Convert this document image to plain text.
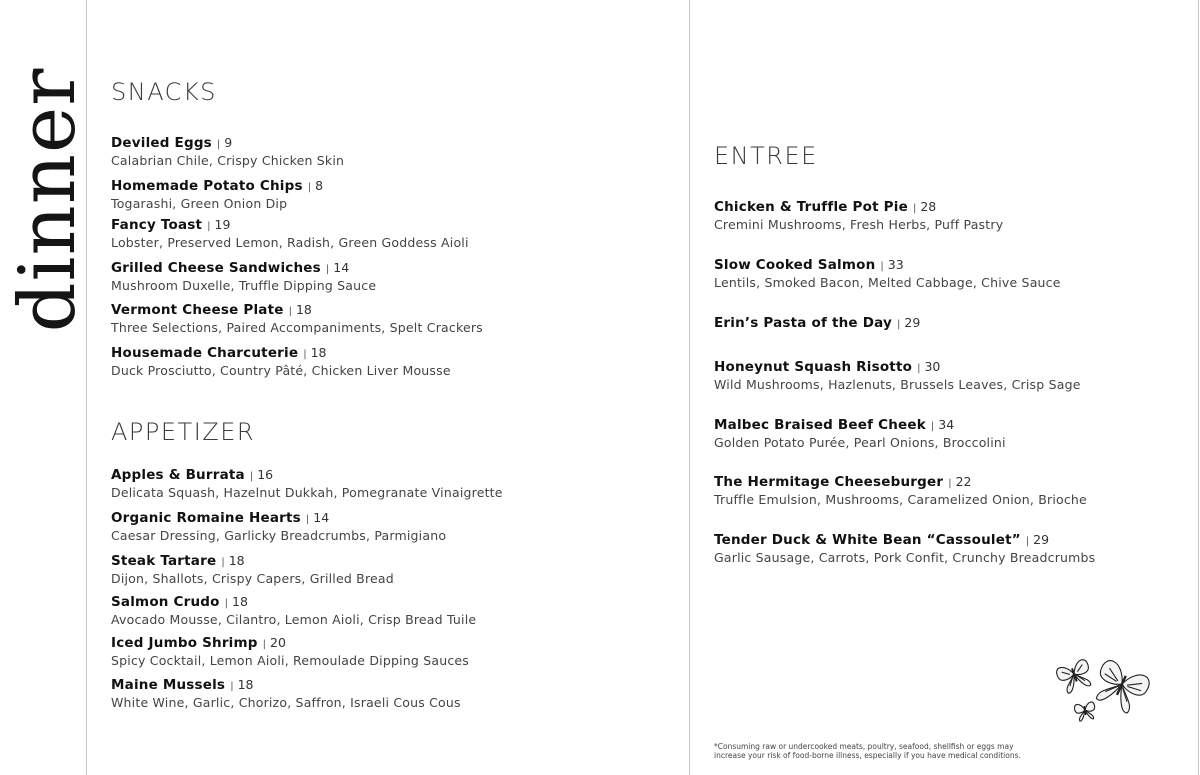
dinner SNACKS
Deviled Eggs | 9
Calabrian Chile, Crispy Chicken Skin
Homemade Potato Chips | 8
Togarashi, Green Onion Dip
Fancy Toast | 19
Lobster, Preserved Lemon, Radish, Green Goddess Aioli
Grilled Cheese Sandwiches | 14
Mushroom Duxelle, Truffle Dipping Sauce
Vermont Cheese Plate | 18
Three Selections, Paired Accompaniments, Spelt Crackers
Housemade Charcuterie | 18
Duck Prosciutto, Country Pâté, Chicken Liver Mousse
APPETIZER
Apples & Burrata | 16
Delicata Squash, Hazelnut Dukkah, Pomegranate Vinaigrette
Organic Romaine Hearts | 14
Caesar Dressing, Garlicky Breadcrumbs, Parmigiano
Steak Tartare | 18
Dijon, Shallots, Crispy Capers, Grilled Bread
Salmon Crudo | 18
Avocado Mousse, Cilantro, Lemon Aioli, Crisp Bread Tuile
Iced Jumbo Shrimp | 20
Spicy Cocktail, Lemon Aioli, Remoulade Dipping Sauces
Maine Mussels | 18
White Wine, Garlic, Chorizo, Saffron, Israeli Cous Cous
ENTREE
Chicken & Truffle Pot Pie | 28
Cremini Mushrooms, Fresh Herbs, Puff Pastry
Slow Cooked Salmon | 33
Lentils, Smoked Bacon, Melted Cabbage, Chive Sauce
Erin’s Pasta of the Day | 29
Honeynut Squash Risotto | 30
Wild Mushrooms, Hazlenuts, Brussels Leaves, Crisp Sage
Malbec Braised Beef Cheek | 34
Golden Potato Purée, Pearl Onions, Broccolini
The Hermitage Cheeseburger | 22
Truffle Emulsion, Mushrooms, Caramelized Onion, Brioche
Tender Duck & White Bean “Cassoulet” | 29
Garlic Sausage, Carrots, Pork Confit, Crunchy Breadcrumbs
*Consuming raw or undercooked meats, poultry, seafood, shellfish or eggs may
increase your risk of food-borne illness, especially if you have medical conditions.
